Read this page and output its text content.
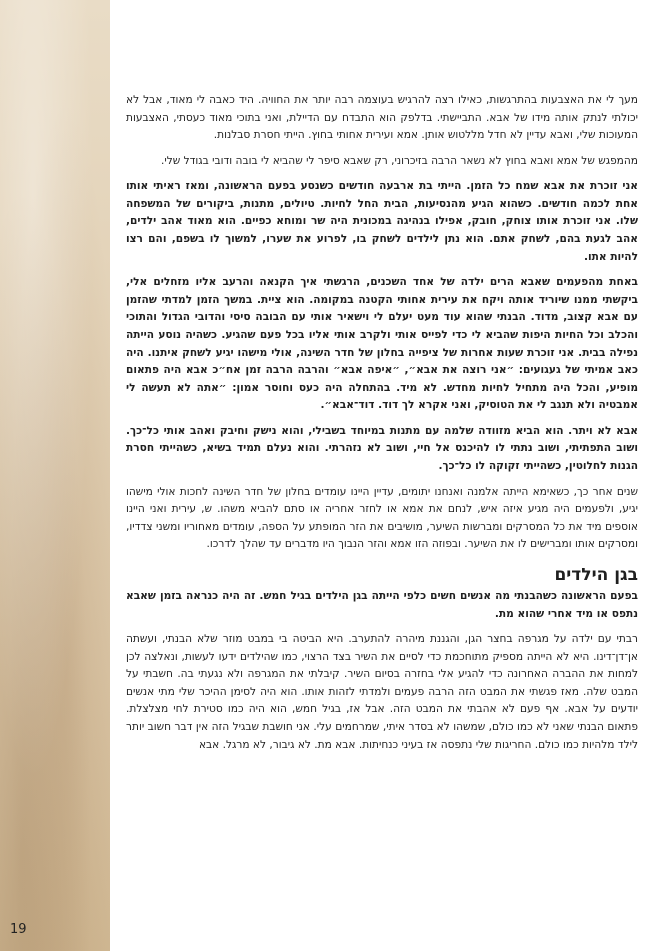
19

מעך לי את האצבעות בהתרגשות, כאילו רצה להרגיש בעוצמה רבה יותר את החוויה. היד כאבה לי מאוד, אבל לא יכולתי לנתק אותה מידו של אבא. התביישתי. בדלפק הוא התבדח עם הדיילת, ואני בתוכי מאוד כעסתי, האצבעות המעוכות שלי, ואבא עדיין לא חדל מללטוש אותן. אמא ועירית אחותי בחוץ. הייתי חסרת סבלנות.

מהמפגש של אמא ואבא בחוץ לא נשאר הרבה בזיכרוני, רק שאבא סיפר לי שהביא לי בובה ודובי בגודל שלי.

אני זוכרת את אבא שמח כל הזמן. הייתי בת ארבעה חודשים כשנסע בפעם הראשונה, ומאז ראיתי אותו אחת לכמה חודשים. כשהוא הגיע מהנסיעות, הבית החל לחיות. טיולים, מתנות, ביקורים של המשפחה שלו. אני זוכרת אותו צוחק, חובק, אפילו בנהיגה במכונית היה שר ומוחא כפיים. הוא מאוד אהב ילדים, אהב לגעת בהם, לשחק אתם. הוא נתן לילדים לשחק בו, לפרוע את שערו, למשוך לו בשפם, והם רצו להיות אתו.

באחת מהפעמים שאבא הרים ילדה של אחד השכנים, הרגשתי איך הקנאה והרעב אליו מזחלים אלי, ביקשתי ממנו שיוריד אותה ויקח את עירית אחותי הקטנה במקומה. הוא ציית. במשך הזמן למדתי שהזמן עם אבא קצוב, מדוד. הבנתי שהוא עוד מעט יעלם לי וישאיר אותי עם הבובה סיסי והדובי הגדול והתוכי והכלב וכל החיות היפות שהביא לי כדי לפייס אותי ולקרב אותי אליו בכל פעם שהגיע. כשהיה נוסע הייתה נפילה בבית. אני זוכרת שעות אחרות של ציפייה בחלון של חדר השינה, אולי מישהו יגיע לשחק איתנו. היה כאב אמיתי של געגועים: ״אני רוצה את אבא״, ״איפה אבא״ והרבה הרבה זמן אח״כ אבא היה פתאום מופיע, והכל היה מתחיל לחיות מחדש. לא מיד. בהתחלה היה כעס וחוסר אמון: ״אתה לא תעשה לי אמבטיה ולא תנגב לי את הטוסיק, ואני אקרא לך דוד. דוד־אבא״.

אבא לא ויתר. הוא הביא מזוודה שלמה עם מתנות במיוחד בשבילי, והוא נישק וחיבק ואהב אותי כל־כך. ושוב התפתיתי, ושוב נתתי לו להיכנס אל חיי, ושוב לא נזהרתי. והוא נעלם תמיד בשיא, כשהייתי חסרת הגנות לחלוטין, כשהייתי זקוקה לו כל־כך.

שנים אחר כך, כשאימא הייתה אלמנה ואנחנו יתומים, עדיין היינו עומדים בחלון של חדר השינה לחכות אולי מישהו יגיע, ולפעמים היה מגיע איזה איש, לנחם את אמא או לחזר אחריה או סתם להביא משהו. ש, עירית ואני היינו אוספים מיד את כל המסרקים ומברשות השיער, מושיבים את הזר המופתע על הספה, עומדים מאחוריו ומשני צדדיו, ומסרקים אותו ומברישים לו את השיער. ובפוזה הזו אמא והזר הנבוך היו מדברים עד שהלך לדרכו.

בגן הילדים

בפעם הראשונה כשהבנתי מה אנשים חשים כלפי הייתה בגן הילדים בגיל חמש. זה היה כנראה בזמן שאבא נתפס או מיד אחרי שהוא מת.

רבתי עם ילדה על מגרפה בחצר הגן, והגננת מיהרה להתערב. היא הביטה בי במבט מוזר שלא הבנתי, ועשתה אן־דן־דינו. היא לא הייתה מספיק מתוחכמת כדי לסיים את השיר בצד הרצוי, כמו שהילדים ידעו לעשות, ונאלצה לכן למחות את ההברה האחרונה כדי להגיע אלי בחזרה בסיום השיר. קיבלתי את המגרפה ולא נגעתי בה. חשבתי על המבט שלה. מאז פגשתי את המבט הזה הרבה פעמים ולמדתי לזהות אותו. הוא היה לסימן ההיכר שלי מתי אנשים יודעים על אבא. אף פעם לא אהבתי את המבט הזה. אבל אז, בגיל חמש, הוא היה כמו סטירת לחי מצלצלת. פתאום הבנתי שאני לא כמו כולם, שמשהו לא בסדר איתי, שמרחמים עלי. אני חושבת שבגיל הזה אין דבר חשוב יותר לילד מלהיות כמו כולם. החריגות שלי נתפסה אז בעיני כנחיתות. אבא מת. לא גיבור, לא מרגל. אבא
